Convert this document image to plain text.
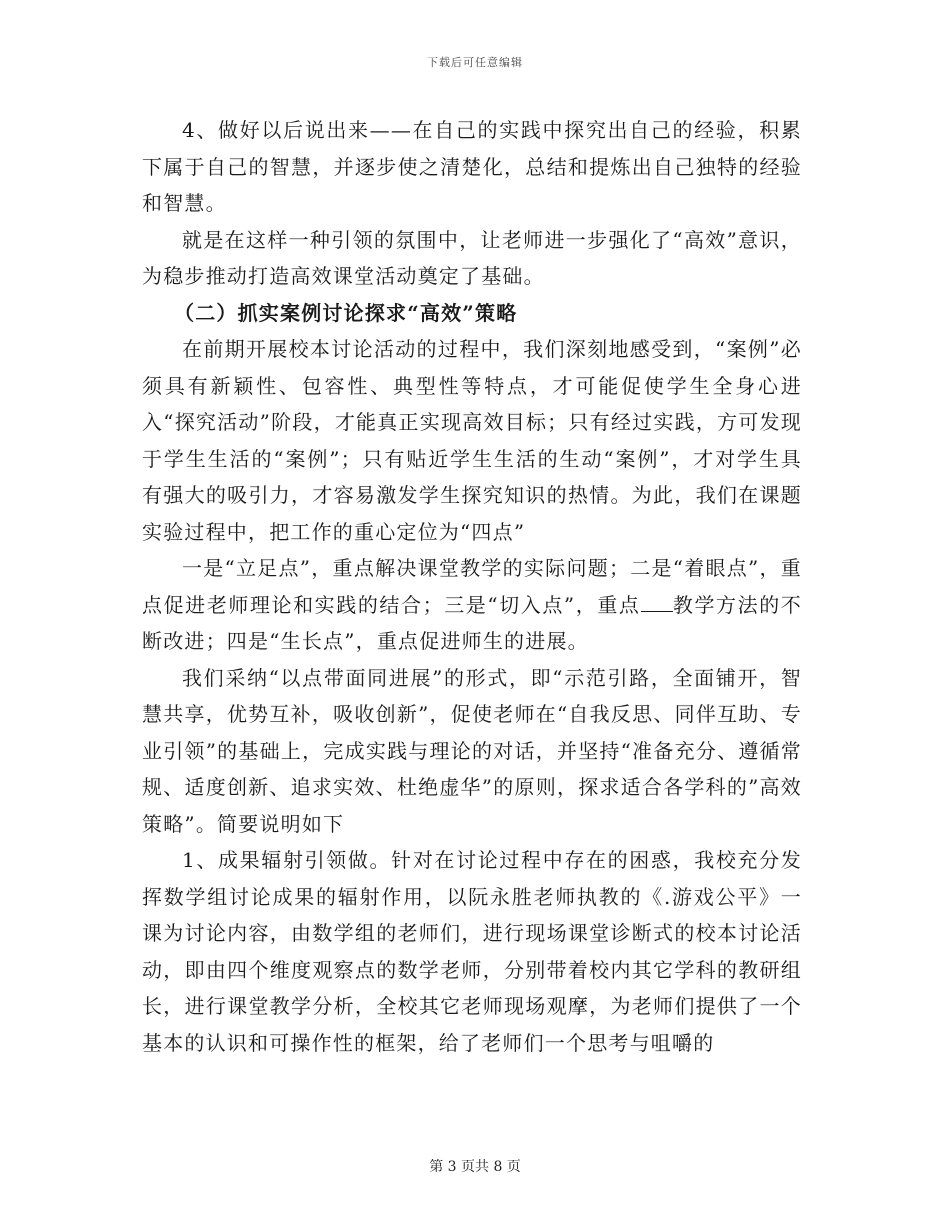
下载后可任意编辑

4、做好以后说出来——在自己的实践中探究出自己的经验，积累下属于自己的智慧，并逐步使之清楚化，总结和提炼出自己独特的经验和智慧。

就是在这样一种引领的氛围中，让老师进一步强化了“高效”意识，为稳步推动打造高效课堂活动奠定了基础。

（二）抓实案例讨论探求“高效”策略

在前期开展校本讨论活动的过程中，我们深刻地感受到，“案例”必须具有新颖性、包容性、典型性等特点，才可能促使学生全身心进入“探究活动”阶段，才能真正实现高效目标；只有经过实践，方可发现于学生生活的“案例”；只有贴近学生生活的生动“案例”，才对学生具有强大的吸引力，才容易激发学生探究知识的热情。为此，我们在课题实验过程中，把工作的重心定位为“四点”

一是“立足点”，重点解决课堂教学的实际问题；二是“着眼点”，重点促进老师理论和实践的结合；三是“切入点”，重点 教学方法的不断改进；四是“生长点”，重点促进师生的进展。

我们采纳“以点带面同进展”的形式，即“示范引路，全面铺开，智慧共享，优势互补，吸收创新”，促使老师在“自我反思、同伴互助、专业引领”的基础上，完成实践与理论的对话，并坚持“准备充分、遵循常规、适度创新、追求实效、杜绝虚华”的原则，探求适合各学科的”高效策略”。简要说明如下

1、成果辐射引领做。针对在讨论过程中存在的困惑，我校充分发挥数学组讨论成果的辐射作用，以阮永胜老师执教的《.游戏公平》一课为讨论内容，由数学组的老师们，进行现场课堂诊断式的校本讨论活动，即由四个维度观察点的数学老师，分别带着校内其它学科的教研组长，进行课堂教学分析，全校其它老师现场观摩，为老师们提供了一个基本的认识和可操作性的框架，给了老师们一个思考与咀嚼的

第 3 页共 8 页
